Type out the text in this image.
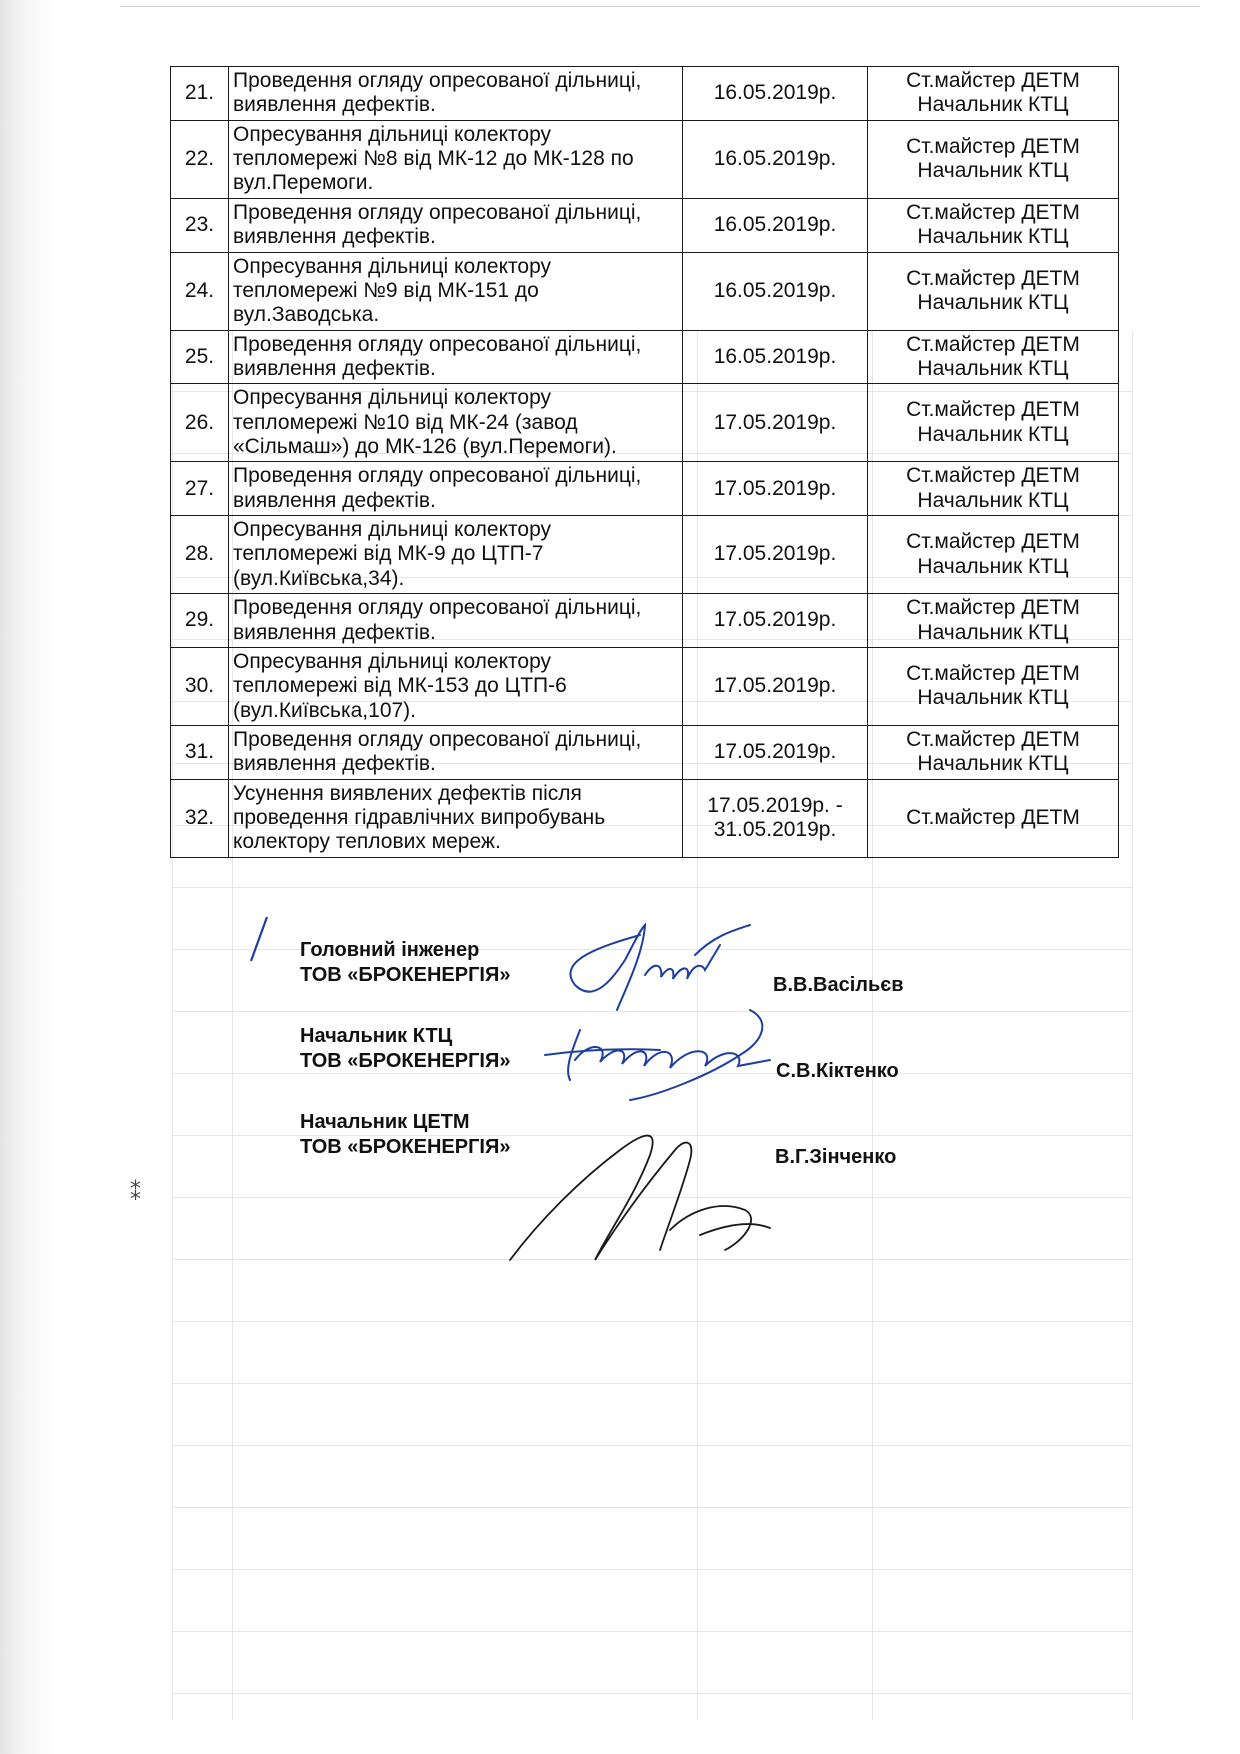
21.	Проведення огляду опресованої дільниці, виявлення дефектів.	16.05.2019р.	Ст.майстер ДЕТМ
Начальник КТЦ

22.	Опресування дільниці колектору тепломережі №8 від МК-12 до МК-128 по вул.Перемоги.	16.05.2019р.	Ст.майстер ДЕТМ
Начальник КТЦ

23.	Проведення огляду опресованої дільниці, виявлення дефектів.	16.05.2019р.	Ст.майстер ДЕТМ
Начальник КТЦ

24.	Опресування дільниці колектору тепломережі №9 від МК-151 до вул.Заводська.	16.05.2019р.	Ст.майстер ДЕТМ
Начальник КТЦ

25.	Проведення огляду опресованої дільниці, виявлення дефектів.	16.05.2019р.	Ст.майстер ДЕТМ
Начальник КТЦ

26.	Опресування дільниці колектору тепломережі №10 від МК-24 (завод «Сільмаш») до МК-126 (вул.Перемоги).	17.05.2019р.	Ст.майстер ДЕТМ
Начальник КТЦ

27.	Проведення огляду опресованої дільниці, виявлення дефектів.	17.05.2019р.	Ст.майстер ДЕТМ
Начальник КТЦ

28.	Опресування дільниці колектору тепломережі від МК-9 до ЦТП-7 (вул.Київська,34).	17.05.2019р.	Ст.майстер ДЕТМ
Начальник КТЦ

29.	Проведення огляду опресованої дільниці, виявлення дефектів.	17.05.2019р.	Ст.майстер ДЕТМ
Начальник КТЦ

30.	Опресування дільниці колектору тепломережі від МК-153 до ЦТП-6 (вул.Київська,107).	17.05.2019р.	Ст.майстер ДЕТМ
Начальник КТЦ

31.	Проведення огляду опресованої дільниці, виявлення дефектів.	17.05.2019р.	Ст.майстер ДЕТМ
Начальник КТЦ

32.	Усунення виявлених дефектів після проведення гідравлічних випробувань колектору теплових мереж.	17.05.2019р. - 31.05.2019р.	Ст.майстер ДЕТМ
Головний інженер
ТОВ «БРОКЕНЕРГІЯ»	В.В.Васільєв
Начальник КТЦ
ТОВ «БРОКЕНЕРГІЯ»	С.В.Кіктенко
Начальник ЦЕТМ
ТОВ «БРОКЕНЕРГІЯ»	В.Г.Зінченко
⁑
